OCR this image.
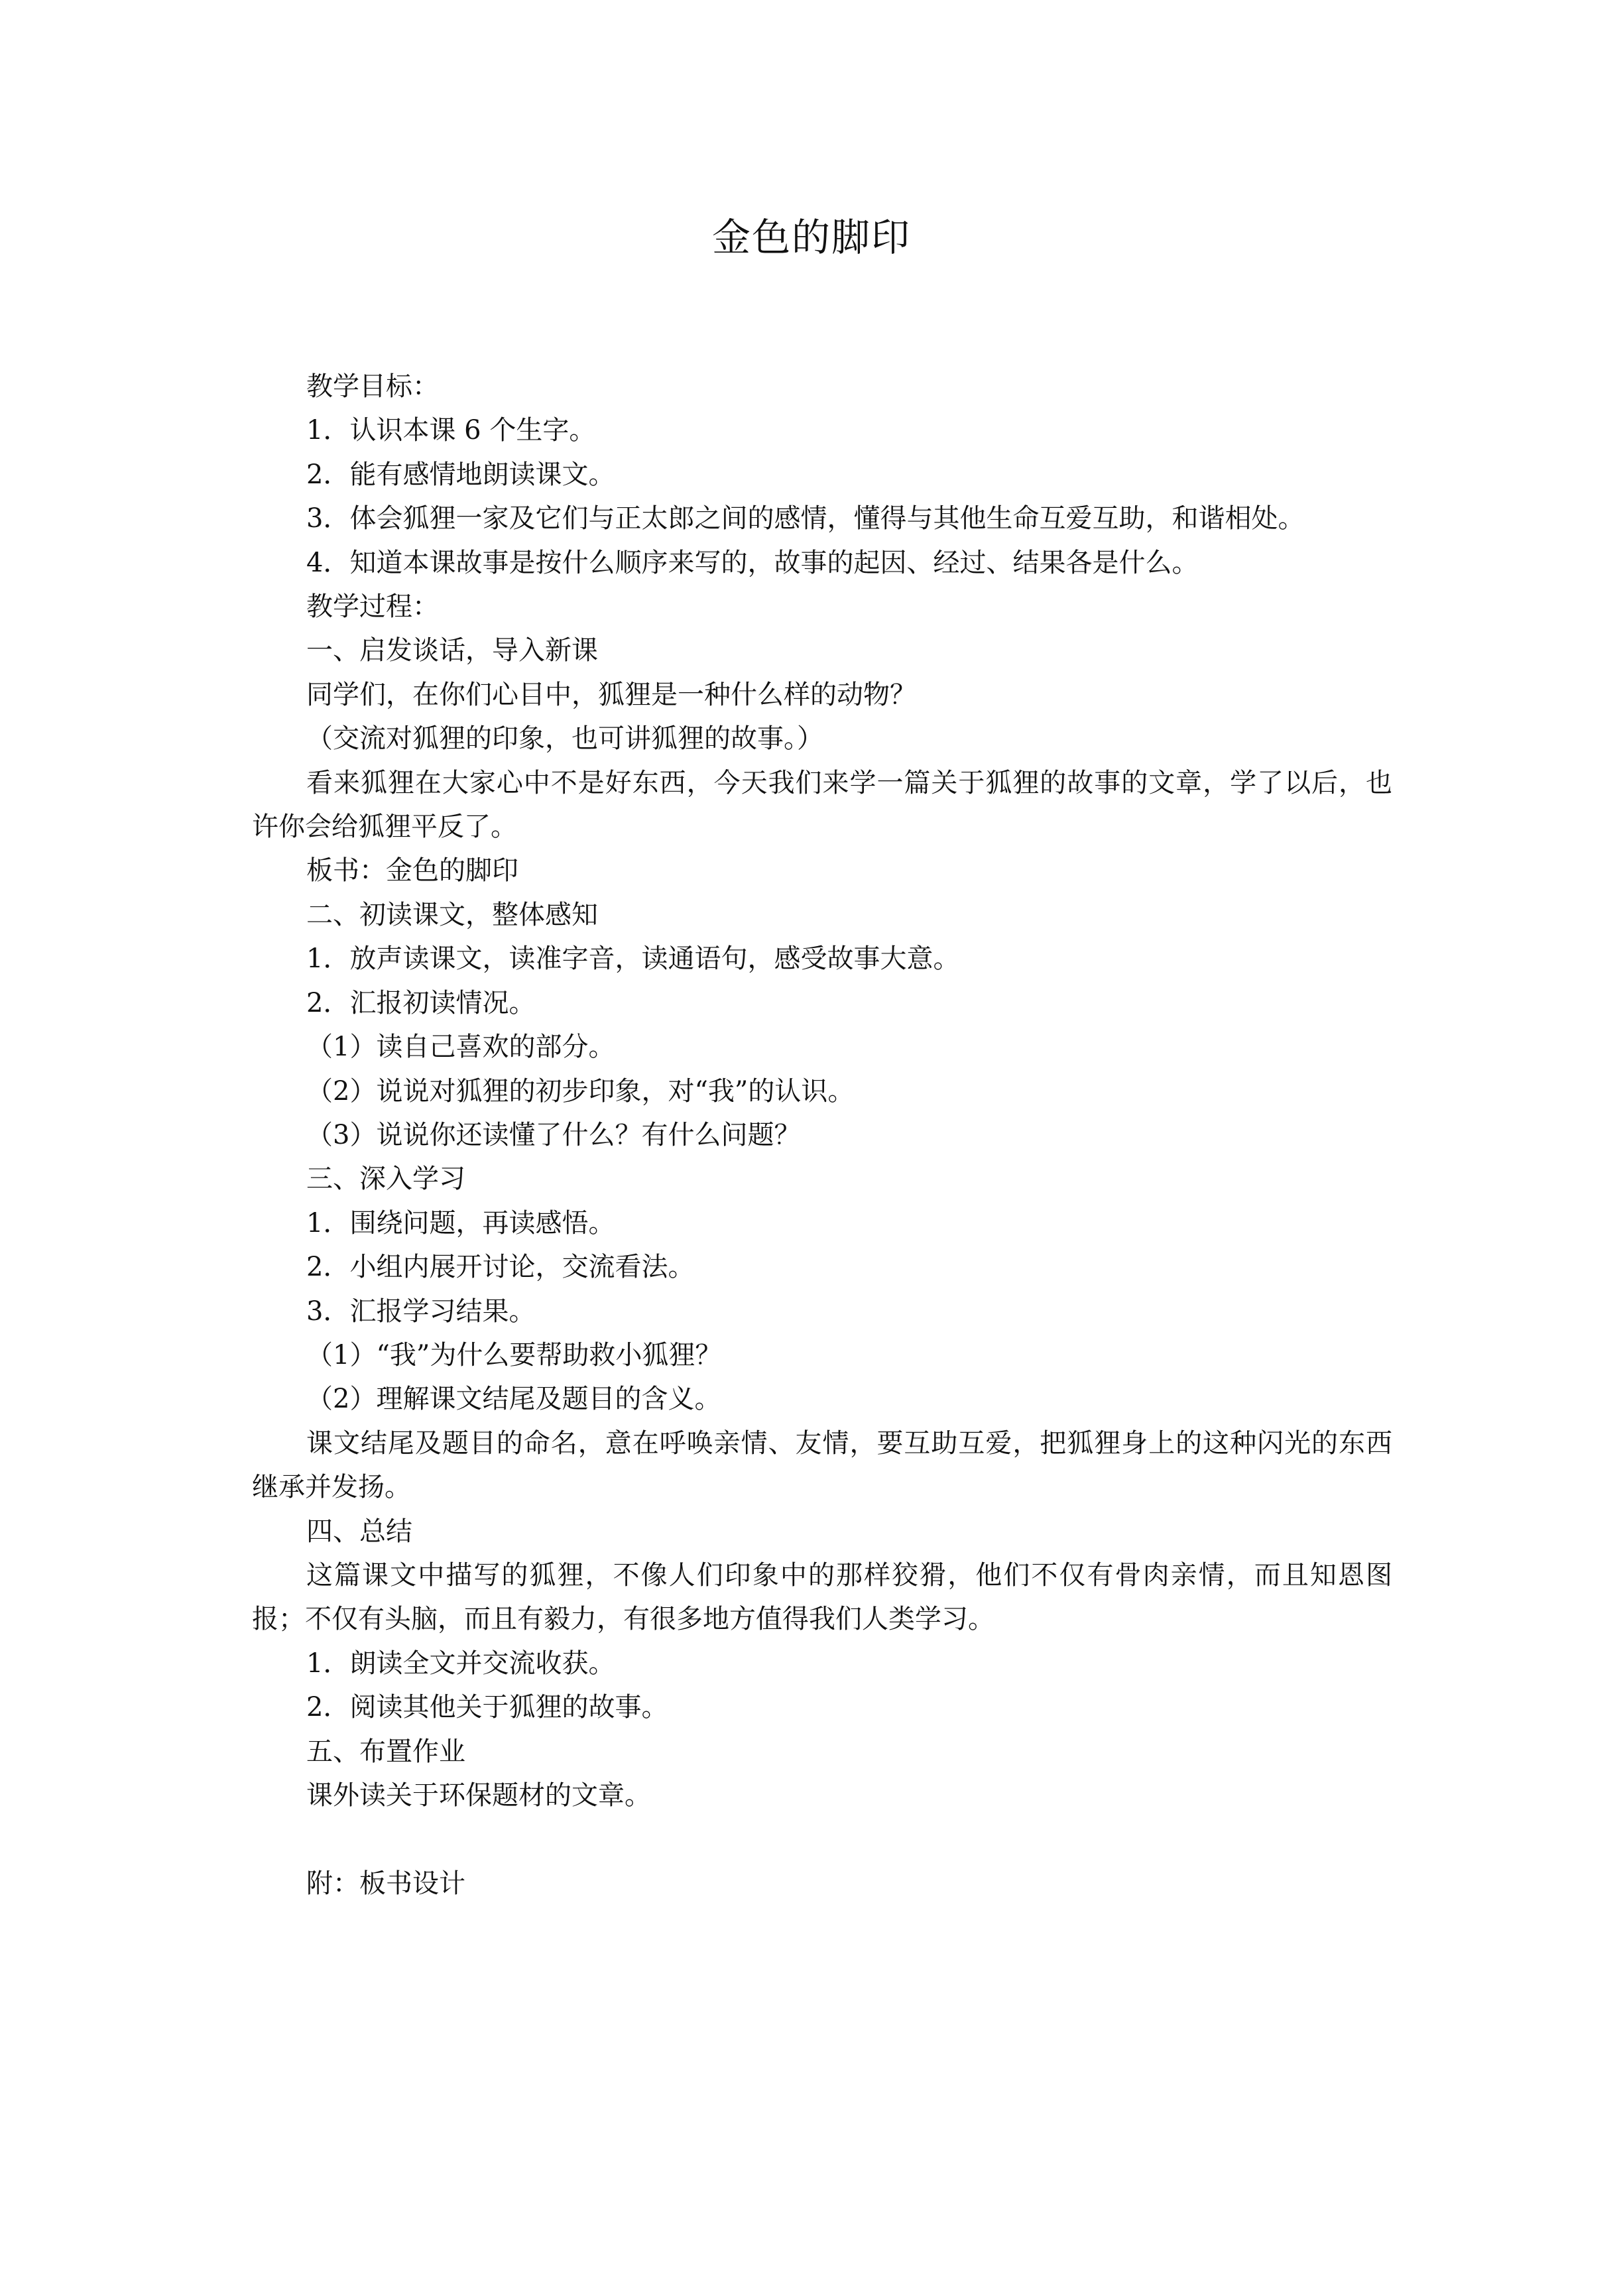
金色的脚印

教学目标：

1．认识本课 6 个生字。

2．能有感情地朗读课文。

3．体会狐狸一家及它们与正太郎之间的感情，懂得与其他生命互爱互助，和谐相处。

4．知道本课故事是按什么顺序来写的，故事的起因、经过、结果各是什么。

教学过程：

一、启发谈话，导入新课

同学们，在你们心目中，狐狸是一种什么样的动物？

（交流对狐狸的印象，也可讲狐狸的故事。）

看来狐狸在大家心中不是好东西，今天我们来学一篇关于狐狸的故事的文章，学了以后，也许你会给狐狸平反了。

板书：金色的脚印

二、初读课文，整体感知

1．放声读课文，读准字音，读通语句，感受故事大意。

2．汇报初读情况。

（1）读自己喜欢的部分。

（2）说说对狐狸的初步印象，对“我”的认识。

（3）说说你还读懂了什么？有什么问题？

三、深入学习

1．围绕问题，再读感悟。

2．小组内展开讨论，交流看法。

3．汇报学习结果。

（1）“我”为什么要帮助救小狐狸？

（2）理解课文结尾及题目的含义。

课文结尾及题目的命名，意在呼唤亲情、友情，要互助互爱，把狐狸身上的这种闪光的东西继承并发扬。

四、总结

这篇课文中描写的狐狸，不像人们印象中的那样狡猾，他们不仅有骨肉亲情，而且知恩图报；不仅有头脑，而且有毅力，有很多地方值得我们人类学习。

1．朗读全文并交流收获。

2．阅读其他关于狐狸的故事。

五、布置作业

课外读关于环保题材的文章。

附：板书设计
